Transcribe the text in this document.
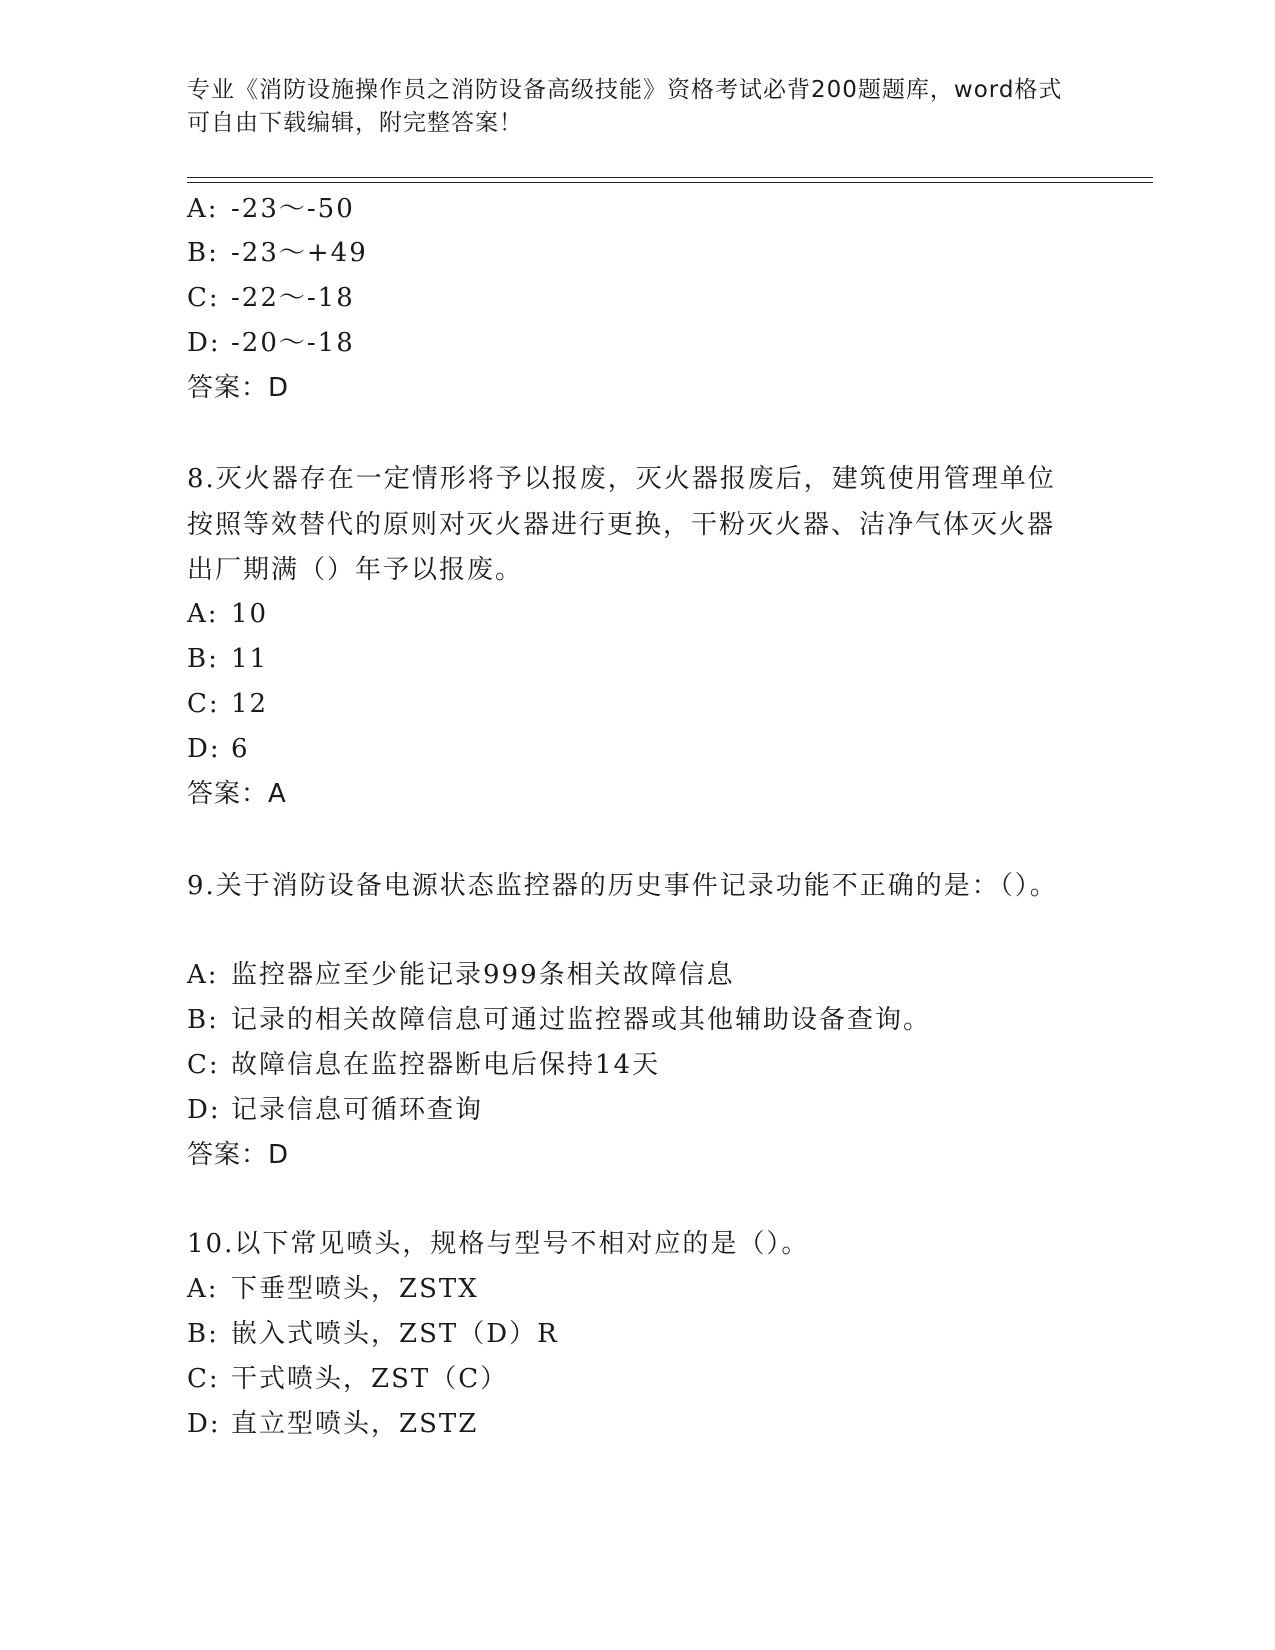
专业《消防设施操作员之消防设备高级技能》资格考试必背200题题库，word格式可自由下载编辑，附完整答案！
A: -23～-50
B: -23～+49
C: -22～-18
D: -20～-18
答案：D
8.灭火器存在一定情形将予以报废，灭火器报废后，建筑使用管理单位按照等效替代的原则对灭火器进行更换，干粉灭火器、洁净气体灭火器出厂期满（）年予以报废。
A: 10
B: 11
C: 12
D: 6
答案：A
9.关于消防设备电源状态监控器的历史事件记录功能不正确的是：（）。
A: 监控器应至少能记录999条相关故障信息
B: 记录的相关故障信息可通过监控器或其他辅助设备查询。
C: 故障信息在监控器断电后保持14天
D: 记录信息可循环查询
答案：D
10.以下常见喷头，规格与型号不相对应的是（）。
A: 下垂型喷头，ZSTX
B: 嵌入式喷头，ZST（D）R
C: 干式喷头，ZST（C）
D: 直立型喷头，ZSTZ
